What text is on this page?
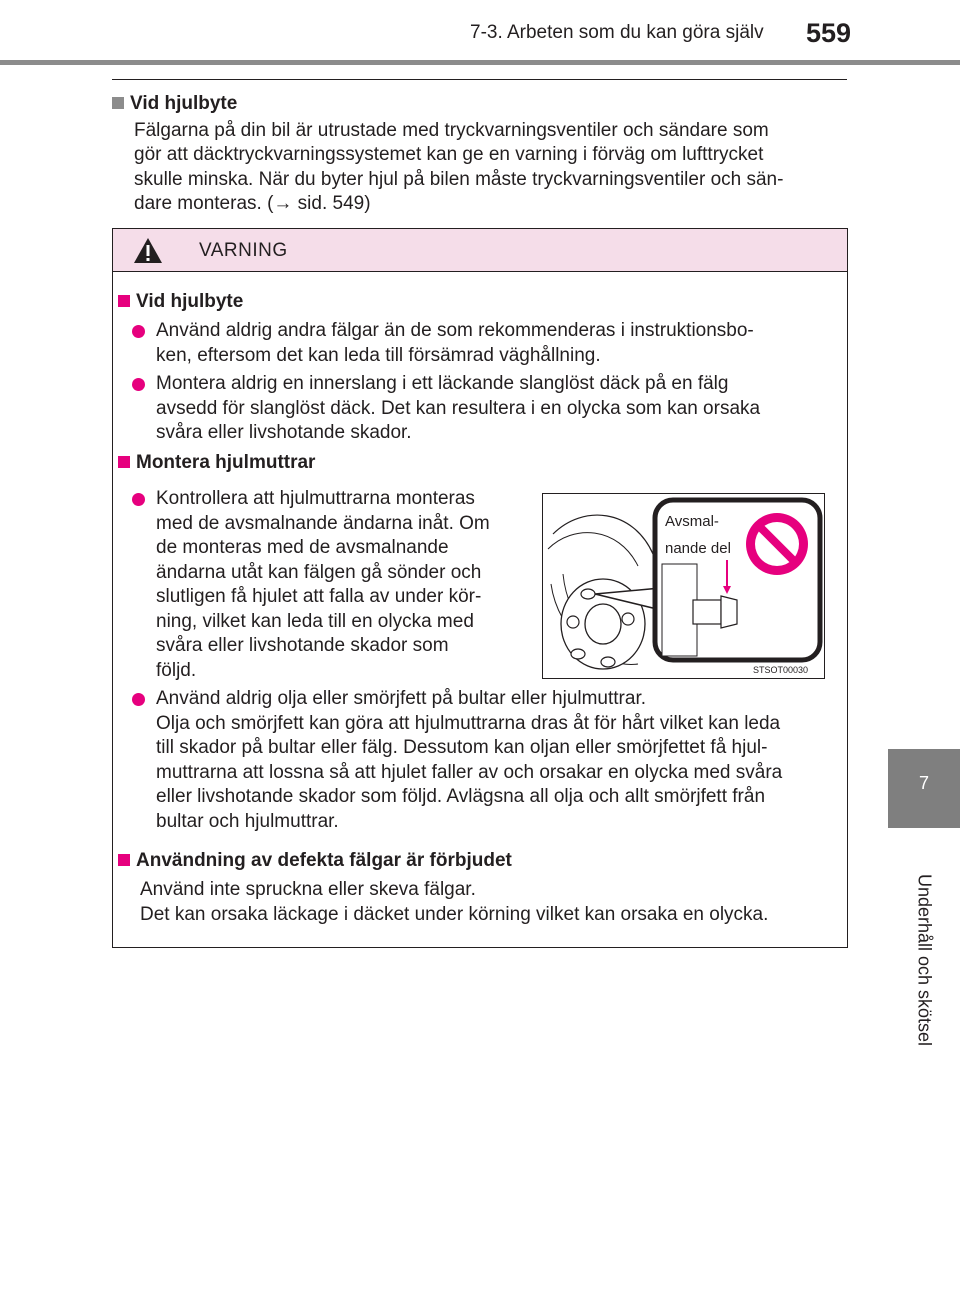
7-3. Arbeten som du kan göra själv 559
7
Underhåll och skötsel
Vid hjulbyte
Fälgarna på din bil är utrustade med tryckvarningsventiler och sändare som
gör att däcktryckvarningssystemet kan ge en varning i förväg om lufttrycket
skulle minska. När du byter hjul på bilen måste tryckvarningsventiler och sän-
dare monteras. (→ sid. 549)
VARNING
Vid hjulbyte
Använd aldrig andra fälgar än de som rekommenderas i instruktionsbo-
ken, eftersom det kan leda till försämrad väghållning.
Montera aldrig en innerslang i ett läckande slanglöst däck på en fälg
avsedd för slanglöst däck. Det kan resultera i en olycka som kan orsaka
svåra eller livshotande skador.
Montera hjulmuttrar
Kontrollera att hjulmuttrarna monteras
med de avsmalnande ändarna inåt. Om
de monteras med de avsmalnande
ändarna utåt kan fälgen gå sönder och
slutligen få hjulet att falla av under kör-
ning, vilket kan leda till en olycka med
svåra eller livshotande skador som
följd.
Använd aldrig olja eller smörjfett på bultar eller hjulmuttrar.
Olja och smörjfett kan göra att hjulmuttrarna dras åt för hårt vilket kan leda
till skador på bultar eller fälg. Dessutom kan oljan eller smörjfettet få hjul-
muttrarna att lossna så att hjulet faller av och orsakar en olycka med svåra
eller livshotande skador som följd. Avlägsna all olja och allt smörjfett från
bultar och hjulmuttrar.
Användning av defekta fälgar är förbjudet
Använd inte spruckna eller skeva fälgar.
Det kan orsaka läckage i däcket under körning vilket kan orsaka en olycka.
Avsmal-
nande del
STSOT00030
